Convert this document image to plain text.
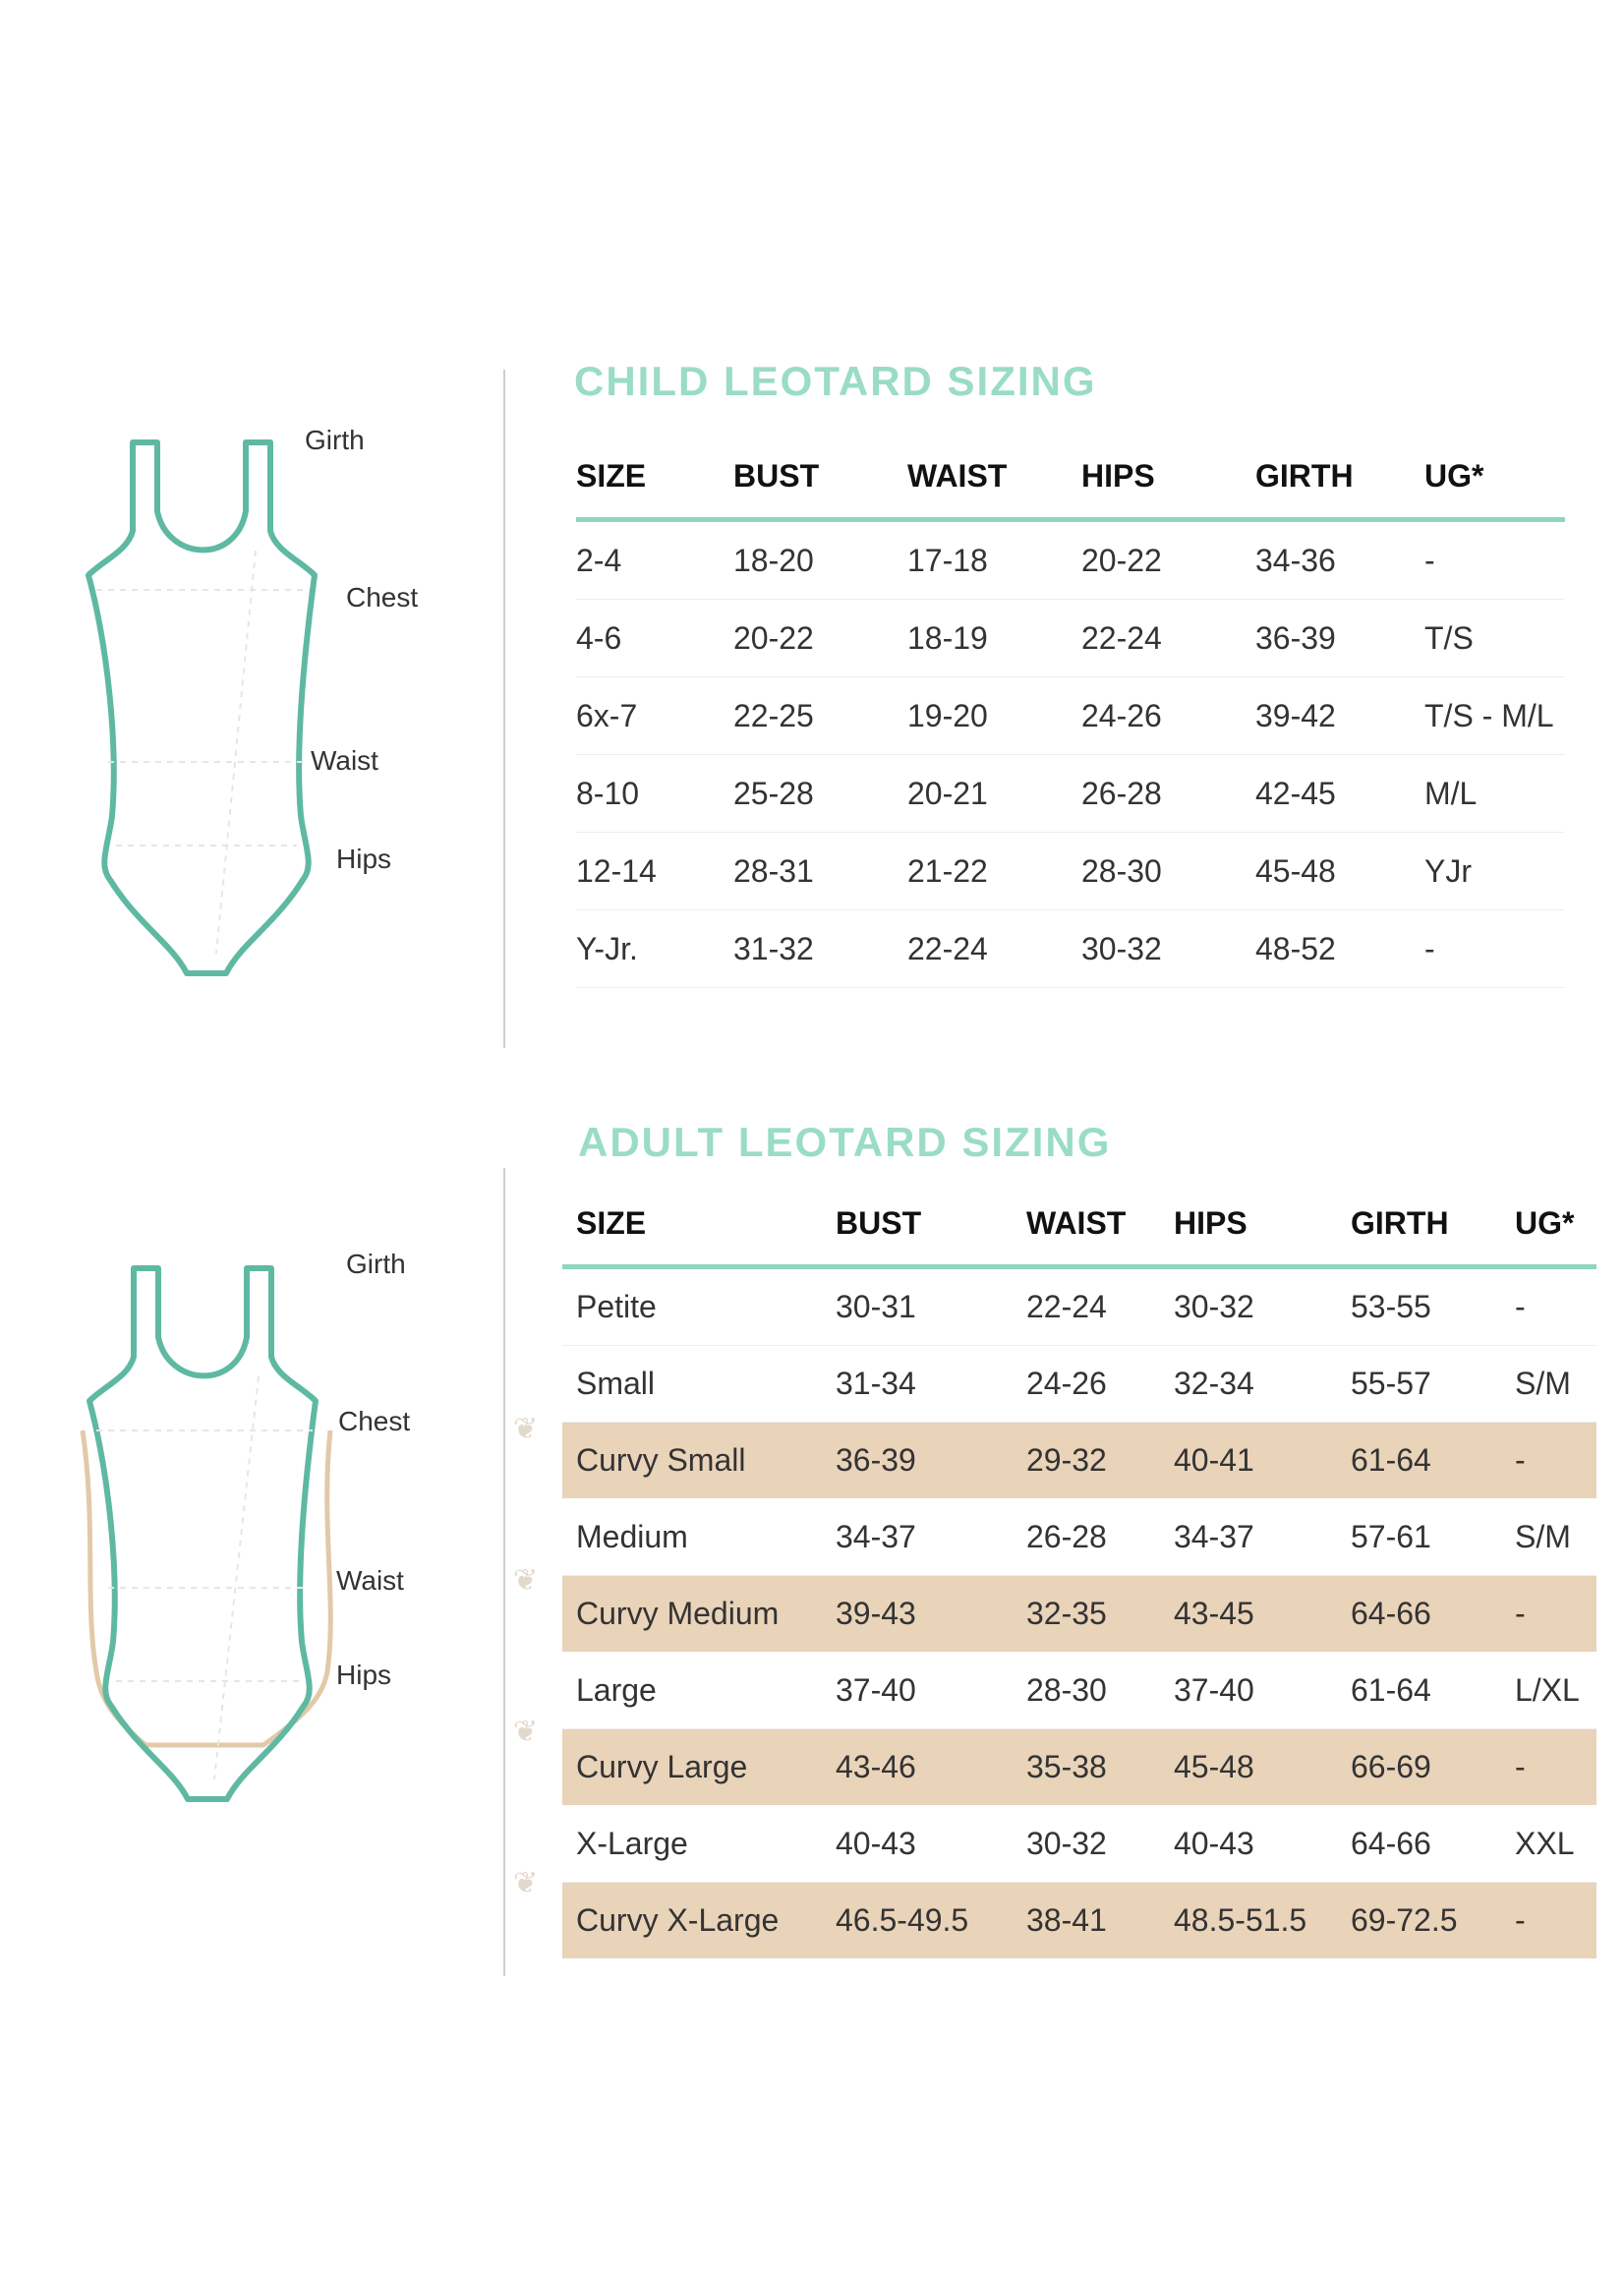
Girth
Chest
Waist
Hips
CHILD LEOTARD SIZING
SIZE	BUST	WAIST	HIPS	GIRTH	UG*
2-4	18-20	17-18	20-22	34-36	-
4-6	20-22	18-19	22-24	36-39	T/S
6x-7	22-25	19-20	24-26	39-42	T/S - M/L
8-10	25-28	20-21	26-28	42-45	M/L
12-14	28-31	21-22	28-30	45-48	YJr
Y-Jr.	31-32	22-24	30-32	48-52	-
Girth
Chest
Waist
Hips
ADULT LEOTARD SIZING
SIZE	BUST	WAIST	HIPS	GIRTH	UG*
Petite	30-31	22-24	30-32	53-55	-
Small	31-34	24-26	32-34	55-57	S/M
Curvy Small	36-39	29-32	40-41	61-64	-
Medium	34-37	26-28	34-37	57-61	S/M
Curvy Medium	39-43	32-35	43-45	64-66	-
Large	37-40	28-30	37-40	61-64	L/XL
Curvy Large	43-46	35-38	45-48	66-69	-
X-Large	40-43	30-32	40-43	64-66	XXL
Curvy X-Large	46.5-49.5	38-41	48.5-51.5	69-72.5	-
❦
❦
❦
❦
